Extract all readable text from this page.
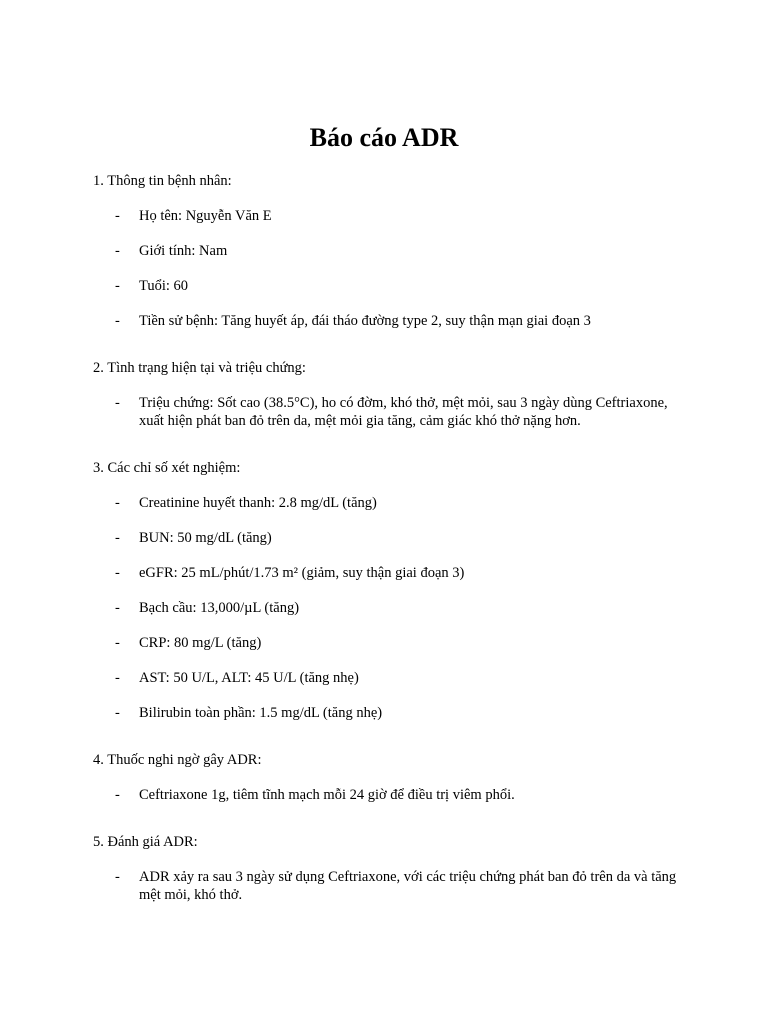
Báo cáo ADR
1. Thông tin bệnh nhân:
- Họ tên: Nguyễn Văn E
- Giới tính: Nam
- Tuổi: 60
- Tiền sử bệnh: Tăng huyết áp, đái tháo đường type 2, suy thận mạn giai đoạn 3
2. Tình trạng hiện tại và triệu chứng:
- Triệu chứng: Sốt cao (38.5°C), ho có đờm, khó thở, mệt mỏi, sau 3 ngày dùng Ceftriaxone, xuất hiện phát ban đỏ trên da, mệt mỏi gia tăng, cảm giác khó thở nặng hơn.
3. Các chỉ số xét nghiệm:
- Creatinine huyết thanh: 2.8 mg/dL (tăng)
- BUN: 50 mg/dL (tăng)
- eGFR: 25 mL/phút/1.73 m² (giảm, suy thận giai đoạn 3)
- Bạch cầu: 13,000/µL (tăng)
- CRP: 80 mg/L (tăng)
- AST: 50 U/L, ALT: 45 U/L (tăng nhẹ)
- Bilirubin toàn phần: 1.5 mg/dL (tăng nhẹ)
4. Thuốc nghi ngờ gây ADR:
- Ceftriaxone 1g, tiêm tĩnh mạch mỗi 24 giờ để điều trị viêm phổi.
5. Đánh giá ADR:
- ADR xảy ra sau 3 ngày sử dụng Ceftriaxone, với các triệu chứng phát ban đỏ trên da và tăng mệt mỏi, khó thở.
